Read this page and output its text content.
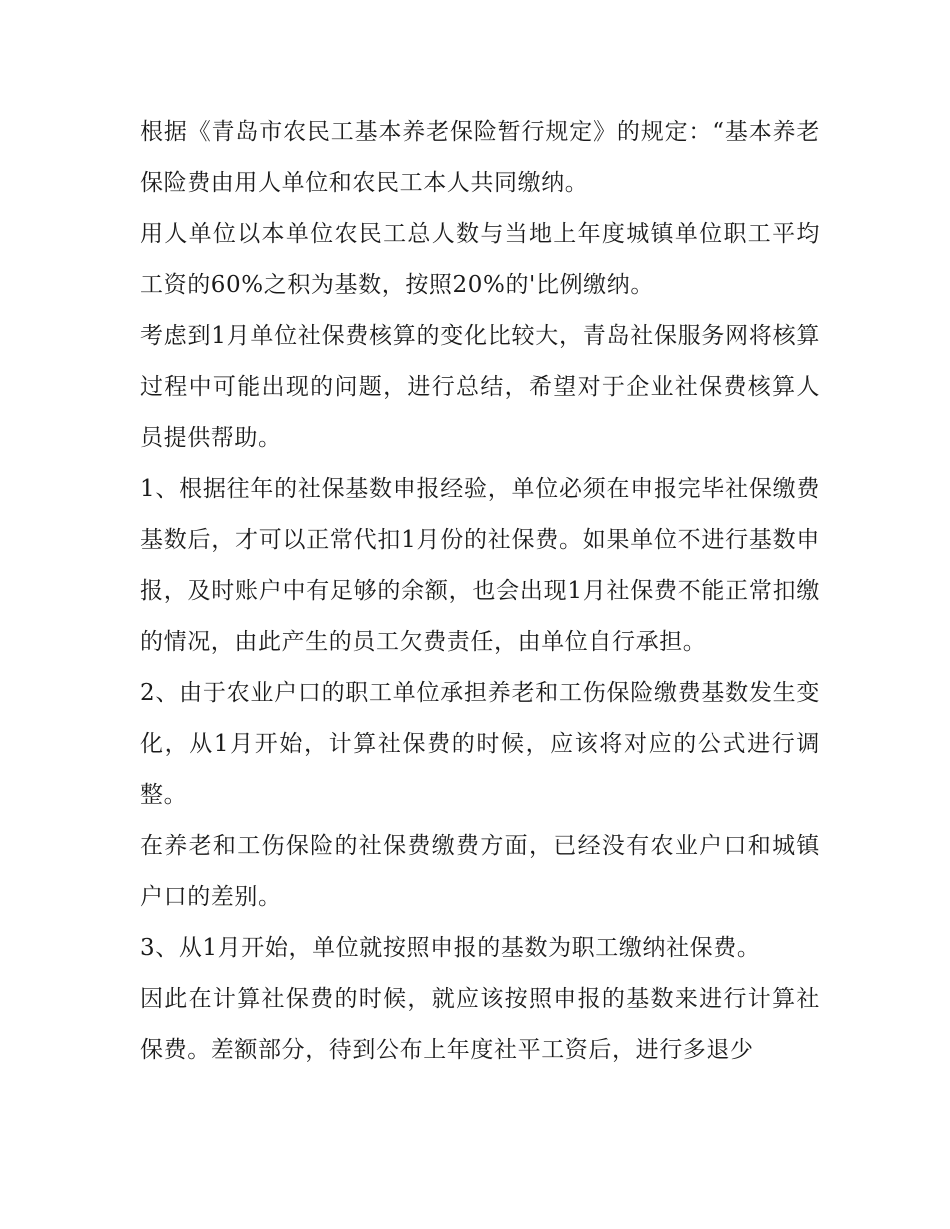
根据《青岛市农民工基本养老保险暂行规定》的规定：“基本养老保险费由用人单位和农民工本人共同缴纳。

用人单位以本单位农民工总人数与当地上年度城镇单位职工平均工资的60%之积为基数，按照20%的'比例缴纳。

考虑到1月单位社保费核算的变化比较大，青岛社保服务网将核算过程中可能出现的问题，进行总结，希望对于企业社保费核算人员提供帮助。

1、根据往年的社保基数申报经验，单位必须在申报完毕社保缴费基数后，才可以正常代扣1月份的社保费。如果单位不进行基数申报，及时账户中有足够的余额，也会出现1月社保费不能正常扣缴的情况，由此产生的员工欠费责任，由单位自行承担。

2、由于农业户口的职工单位承担养老和工伤保险缴费基数发生变化，从1月开始，计算社保费的时候，应该将对应的公式进行调整。

在养老和工伤保险的社保费缴费方面，已经没有农业户口和城镇户口的差别。

3、从1月开始，单位就按照申报的基数为职工缴纳社保费。

因此在计算社保费的时候，就应该按照申报的基数来进行计算社保费。差额部分，待到公布上年度社平工资后，进行多退少
